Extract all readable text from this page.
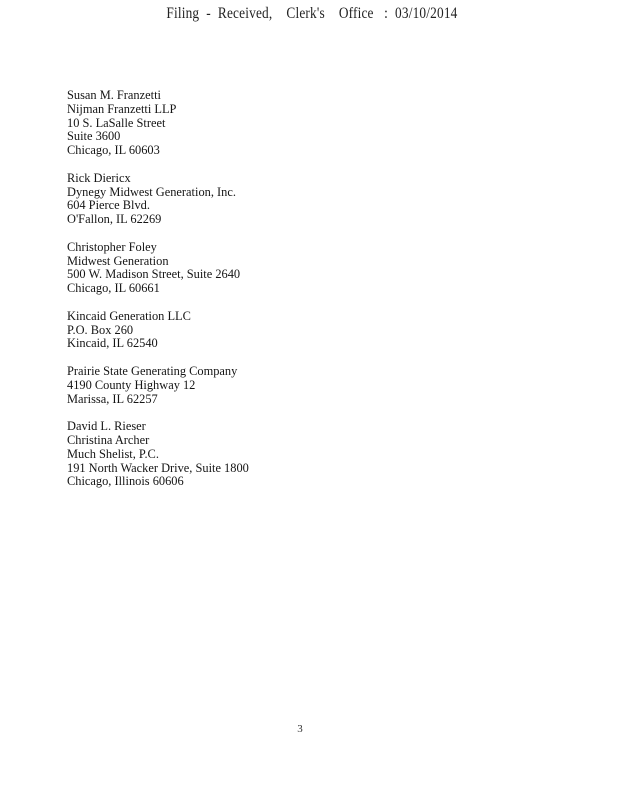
Filing  -  Received,    Clerk's    Office   :  03/10/2014
Susan M. Franzetti
Nijman Franzetti LLP
10 S. LaSalle Street
Suite 3600
Chicago, IL 60603
Rick Diericx
Dynegy Midwest Generation, Inc.
604 Pierce Blvd.
O'Fallon, IL 62269
Christopher Foley
Midwest Generation
500 W. Madison Street, Suite 2640
Chicago, IL 60661
Kincaid Generation LLC
P.O. Box 260
Kincaid, IL 62540
Prairie State Generating Company
4190 County Highway 12
Marissa, IL 62257
David L. Rieser
Christina Archer
Much Shelist, P.C.
191 North Wacker Drive, Suite 1800
Chicago, Illinois 60606
3
